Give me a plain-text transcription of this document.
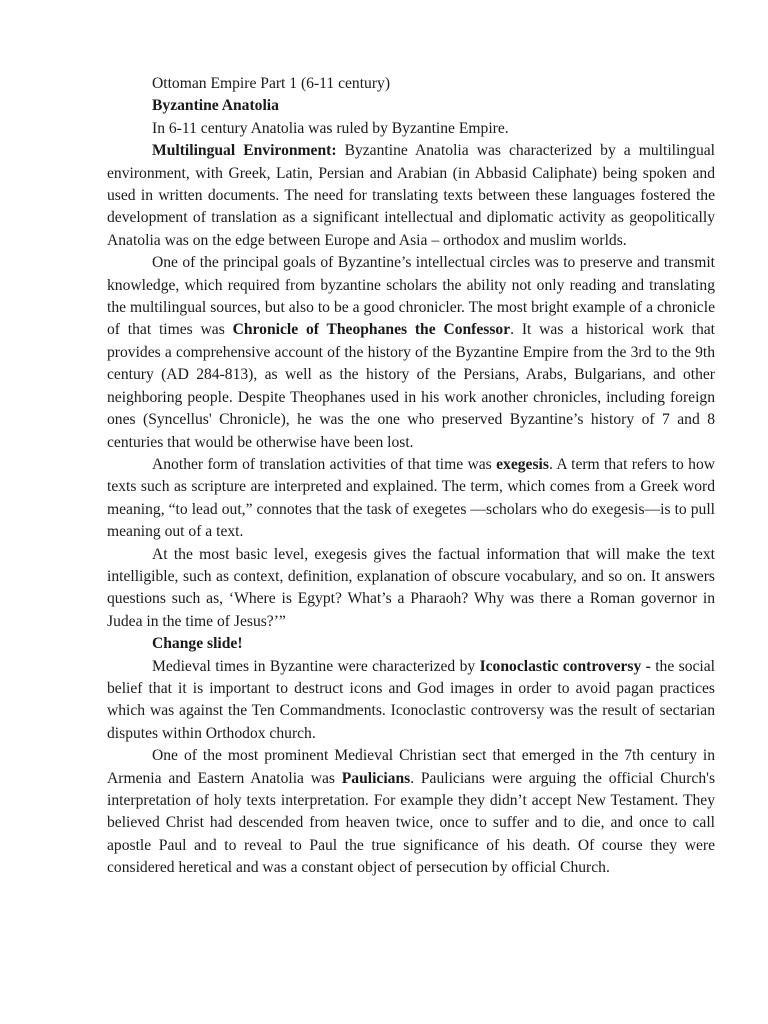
Ottoman Empire Part 1 (6-11 century)

Byzantine Anatolia

In 6-11 century Anatolia was ruled by Byzantine Empire.

Multilingual Environment: Byzantine Anatolia was characterized by a multilingual environment, with Greek, Latin, Persian and Arabian (in Abbasid Caliphate) being spoken and used in written documents. The need for translating texts between these languages fostered the development of translation as a significant intellectual and diplomatic activity as geopolitically Anatolia was on the edge between Europe and Asia – orthodox and muslim worlds.

One of the principal goals of Byzantine’s intellectual circles was to preserve and transmit knowledge, which required from byzantine scholars the ability not only reading and translating the multilingual sources, but also to be a good chronicler. The most bright example of a chronicle of that times was Chronicle of Theophanes the Confessor. It was a historical work that provides a comprehensive account of the history of the Byzantine Empire from the 3rd to the 9th century (AD 284-813), as well as the history of the Persians, Arabs, Bulgarians, and other neighboring people. Despite Theophanes used in his work another chronicles, including foreign ones (Syncellus' Chronicle), he was the one who preserved Byzantine’s history of 7 and 8 centuries that would be otherwise have been lost.

Another form of translation activities of that time was exegesis. A term that refers to how texts such as scripture are interpreted and explained. The term, which comes from a Greek word meaning, “to lead out,” connotes that the task of exegetes —scholars who do exegesis—is to pull meaning out of a text.

At the most basic level, exegesis gives the factual information that will make the text intelligible, such as context, definition, explanation of obscure vocabulary, and so on. It answers questions such as, ‘Where is Egypt? What’s a Pharaoh? Why was there a Roman governor in Judea in the time of Jesus?’”

Change slide!

Medieval times in Byzantine were characterized by Iconoclastic controversy - the social belief that it is important to destruct icons and God images in order to avoid pagan practices which was against the Ten Commandments. Iconoclastic controversy was the result of sectarian disputes within Orthodox church.

One of the most prominent Medieval Christian sect that emerged in the 7th century in Armenia and Eastern Anatolia was Paulicians. Paulicians were arguing the official Church's interpretation of holy texts interpretation. For example they didn’t accept New Testament. They believed Christ had descended from heaven twice, once to suffer and to die, and once to call apostle Paul and to reveal to Paul the true significance of his death. Of course they were considered heretical and was a constant object of persecution by official Church.
